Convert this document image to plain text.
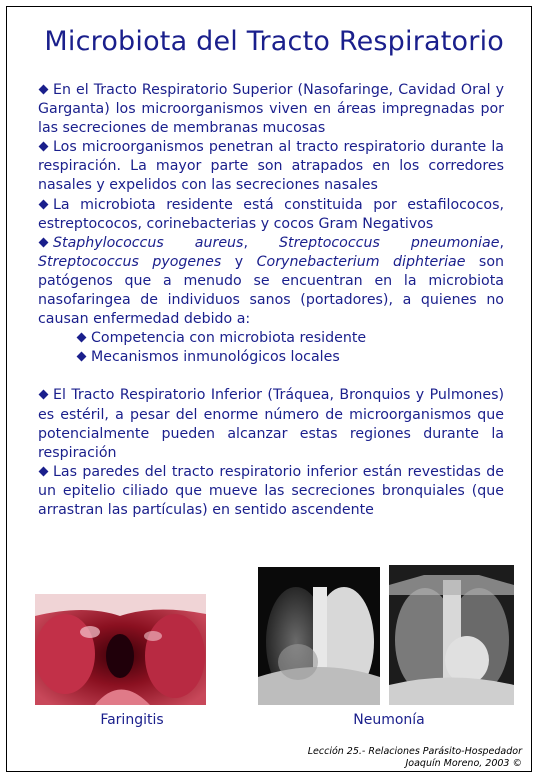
Microbiota del Tracto Respiratorio

En el Tracto Respiratorio Superior (Nasofaringe, Cavidad Oral y Garganta) los microorganismos viven en áreas impregnadas por las secreciones de membranas mucosas

Los microorganismos penetran al tracto respiratorio durante la respiración. La mayor parte son atrapados en los corredores nasales y expelidos con las secreciones nasales

La microbiota residente está constituida por estafilococos, estreptococos, corinebacterias y cocos Gram Negativos

Staphylococcus aureus, Streptococcus pneumoniae, Streptococcus pyogenes y Corynebacterium diphteriae son patógenos que a menudo se encuentran en la microbiota nasofaringea de individuos sanos (portadores), a quienes no causan enfermedad debido a:

Competencia con microbiota residente

Mecanismos inmunológicos locales

El Tracto Respiratorio Inferior (Tráquea, Bronquios y Pulmones) es estéril, a pesar del enorme número de microorganismos que potencialmente pueden alcanzar estas regiones durante la respiración

Las paredes del tracto respiratorio inferior están revestidas de un epitelio ciliado que mueve las secreciones bronquiales (que arrastran las partículas) en sentido ascendente

Faringitis	Neumonía
Lección 25.- Relaciones Parásito-Hospedador
Joaquín Moreno, 2003 ©
